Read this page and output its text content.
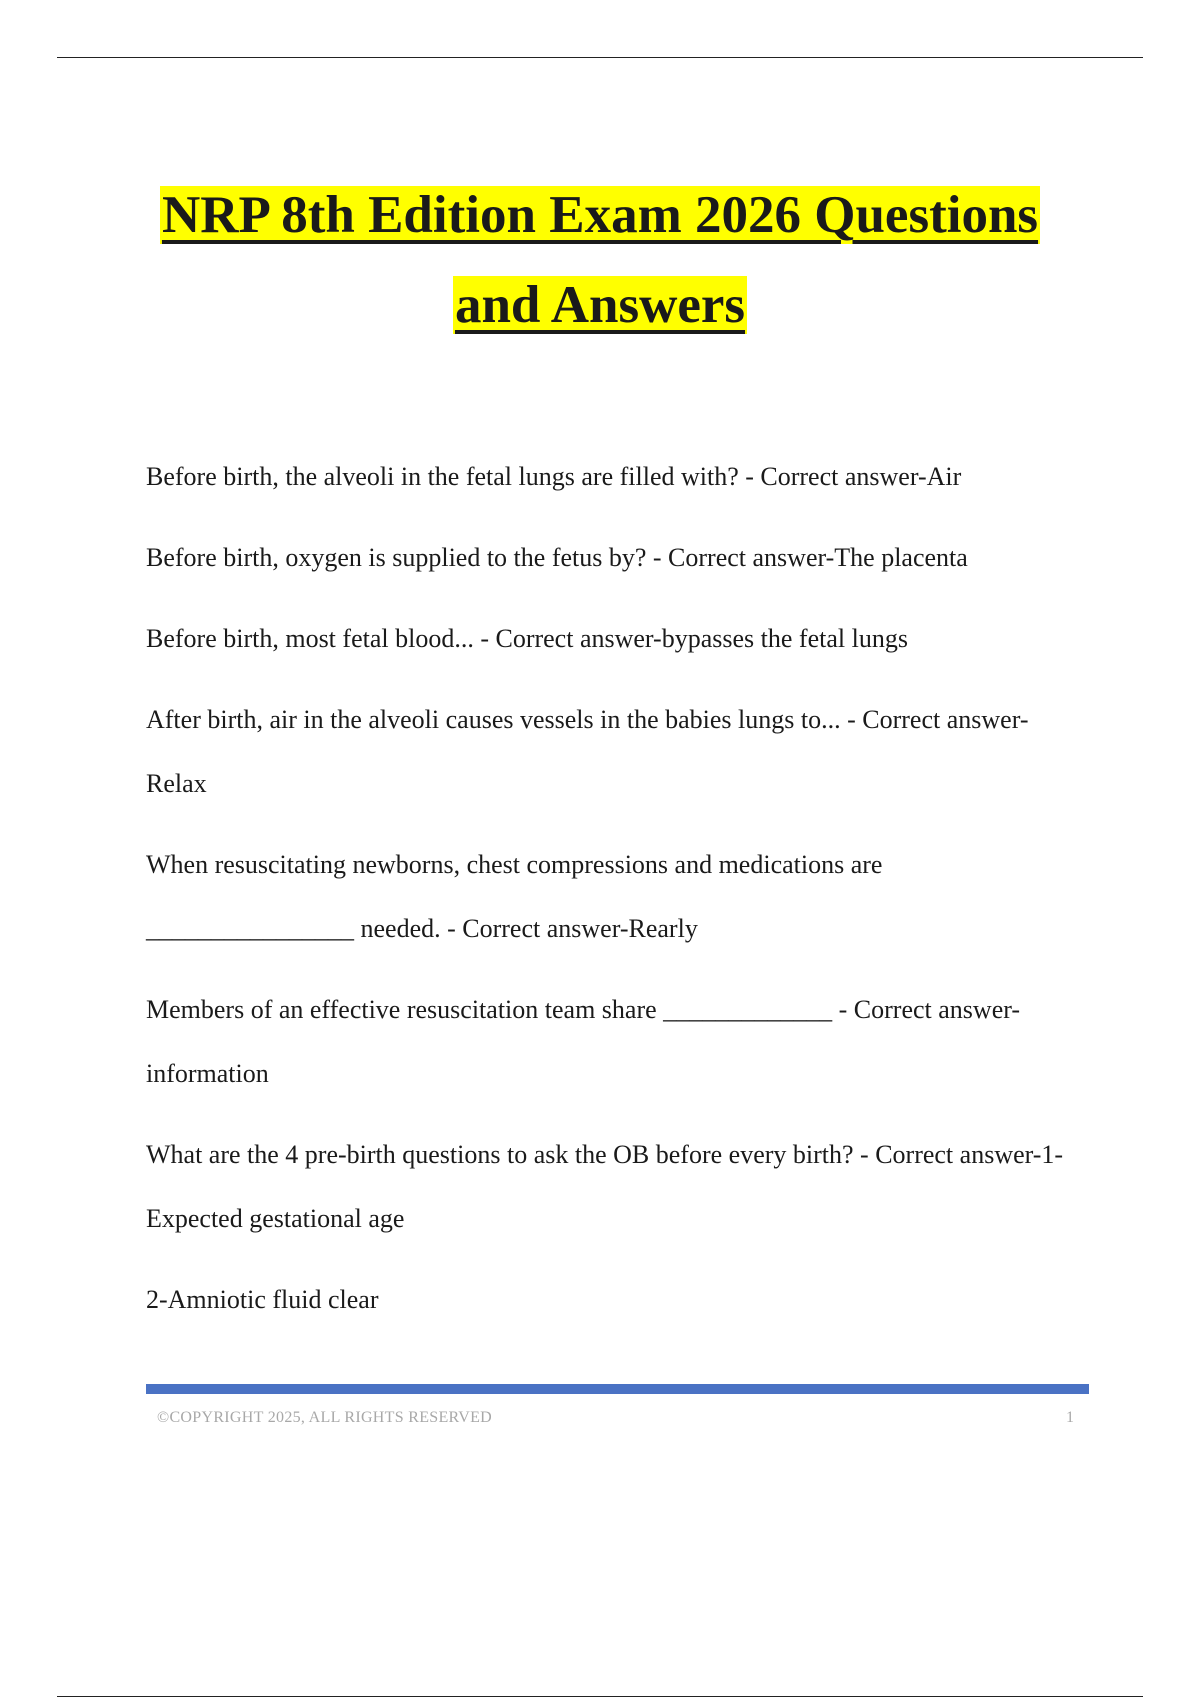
NRP 8th Edition Exam 2026 Questions
and Answers

Before birth, the alveoli in the fetal lungs are filled with? - Correct answer-Air

Before birth, oxygen is supplied to the fetus by? - Correct answer-The placenta

Before birth, most fetal blood... - Correct answer-bypasses the fetal lungs

After birth, air in the alveoli causes vessels in the babies lungs to... - Correct answer-Relax

When resuscitating newborns, chest compressions and medications are ________________ needed. - Correct answer-Rearly

Members of an effective resuscitation team share _____________ - Correct answer-information

What are the 4 pre-birth questions to ask the OB before every birth? - Correct answer-1- Expected gestational age

2-Amniotic fluid clear

©COPYRIGHT 2025, ALL RIGHTS RESERVED	1
